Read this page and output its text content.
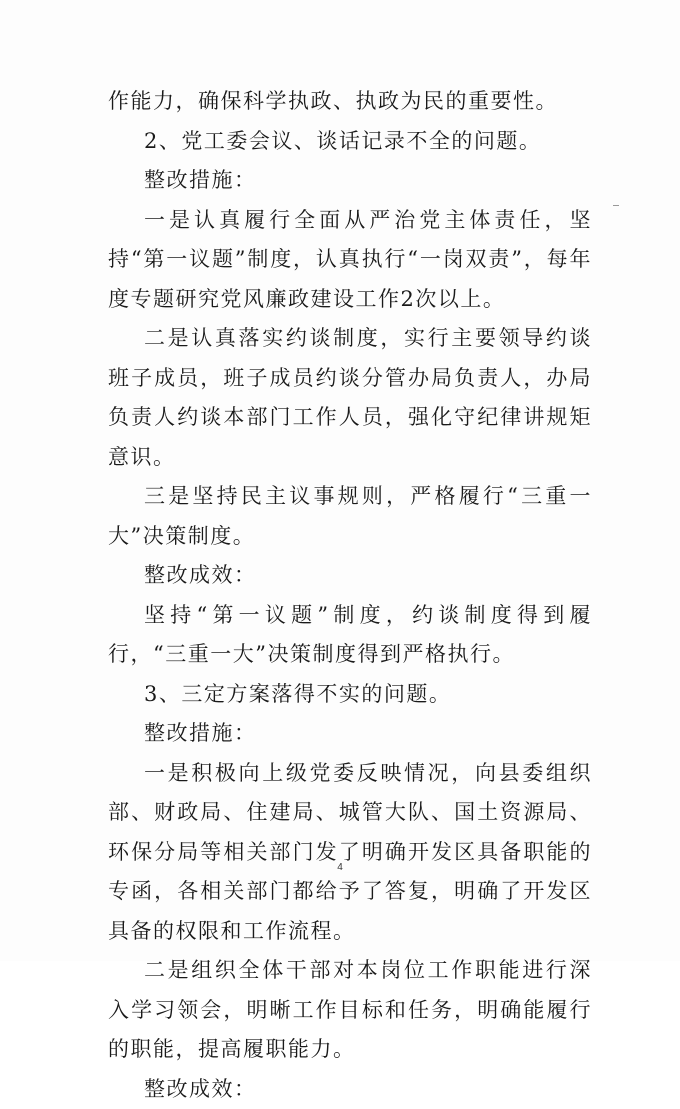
作能力，确保科学执政、执政为民的重要性。

2、党工委会议、谈话记录不全的问题。

整改措施：

一是认真履行全面从严治党主体责任，坚持“第一议题”制度，认真执行“一岗双责”，每年度专题研究党风廉政建设工作2次以上。

二是认真落实约谈制度，实行主要领导约谈班子成员，班子成员约谈分管办局负责人，办局负责人约谈本部门工作人员，强化守纪律讲规矩意识。

三是坚持民主议事规则，严格履行“三重一大”决策制度。

整改成效：

坚持“第一议题”制度，约谈制度得到履行，“三重一大”决策制度得到严格执行。

3、三定方案落得不实的问题。

整改措施：

一是积极向上级党委反映情况，向县委组织部、财政局、住建局、城管大队、国土资源局、环保分局等相关部门发了明确开发区具备职能的专函，各相关部门都给予了答复，明确了开发区具备的权限和工作流程。

二是组织全体干部对本岗位工作职能进行深入学习领会，明晰工作目标和任务，明确能履行的职能，提高履职能力。

整改成效：

4
